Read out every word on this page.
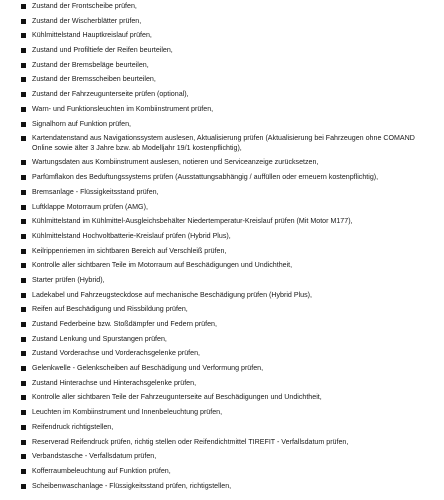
Zustand der Frontscheibe prüfen,
Zustand der Wischerblätter prüfen,
Kühlmittelstand Hauptkreislauf prüfen,
Zustand und Profiltiefe der Reifen beurteilen,
Zustand der Bremsbeläge beurteilen,
Zustand der Bremsscheiben beurteilen,
Zustand der Fahrzeugunterseite prüfen (optional),
Warn- und Funktionsleuchten im Kombiinstrument prüfen,
Signalhorn auf Funktion prüfen,
Kartendatenstand aus Navigationssystem auslesen, Aktualisierung prüfen (Aktualisierung bei Fahrzeugen ohne COMAND Online sowie älter 3 Jahre bzw. ab Modelljahr 19/1 kostenpflichtig),
Wartungsdaten aus Kombiinstrument auslesen, notieren und Serviceanzeige zurücksetzen,
Parfümflakon des Beduftungssystems prüfen (Ausstattungsabhängig / auffüllen oder erneuern kostenpflichtig),
Bremsanlage - Flüssigkeitsstand prüfen,
Luftklappe Motorraum prüfen (AMG),
Kühlmittelstand im Kühlmittel-Ausgleichsbehälter Niedertemperatur-Kreislauf prüfen (Mit Motor M177),
Kühlmittelstand Hochvoltbatterie-Kreislauf prüfen (Hybrid Plus),
Keilrippenriemen im sichtbaren Bereich auf Verschleiß prüfen,
Kontrolle aller sichtbaren Teile im Motorraum auf Beschädigungen und Undichtheit,
Starter prüfen (Hybrid),
Ladekabel und Fahrzeugsteckdose auf mechanische Beschädigung prüfen (Hybrid Plus),
Reifen auf Beschädigung und Rissbildung prüfen,
Zustand Federbeine bzw. Stoßdämpfer und Federn prüfen,
Zustand Lenkung und Spurstangen prüfen,
Zustand Vorderachse und Vorderachsgelenke prüfen,
Gelenkwelle - Gelenkscheiben auf Beschädigung und Verformung prüfen,
Zustand Hinterachse und Hinterachsgelenke prüfen,
Kontrolle aller sichtbaren Teile der Fahrzeugunterseite auf Beschädigungen und Undichtheit,
Leuchten im Kombiinstrument und Innenbeleuchtung prüfen,
Reifendruck richtigstellen,
Reserverad Reifendruck prüfen, richtig stellen oder Reifendichtmittel TIREFIT - Verfallsdatum prüfen,
Verbandstasche - Verfallsdatum prüfen,
Kofferraumbeleuchtung auf Funktion prüfen,
Scheibenwaschanlage - Flüssigkeitsstand prüfen, richtigstellen,
